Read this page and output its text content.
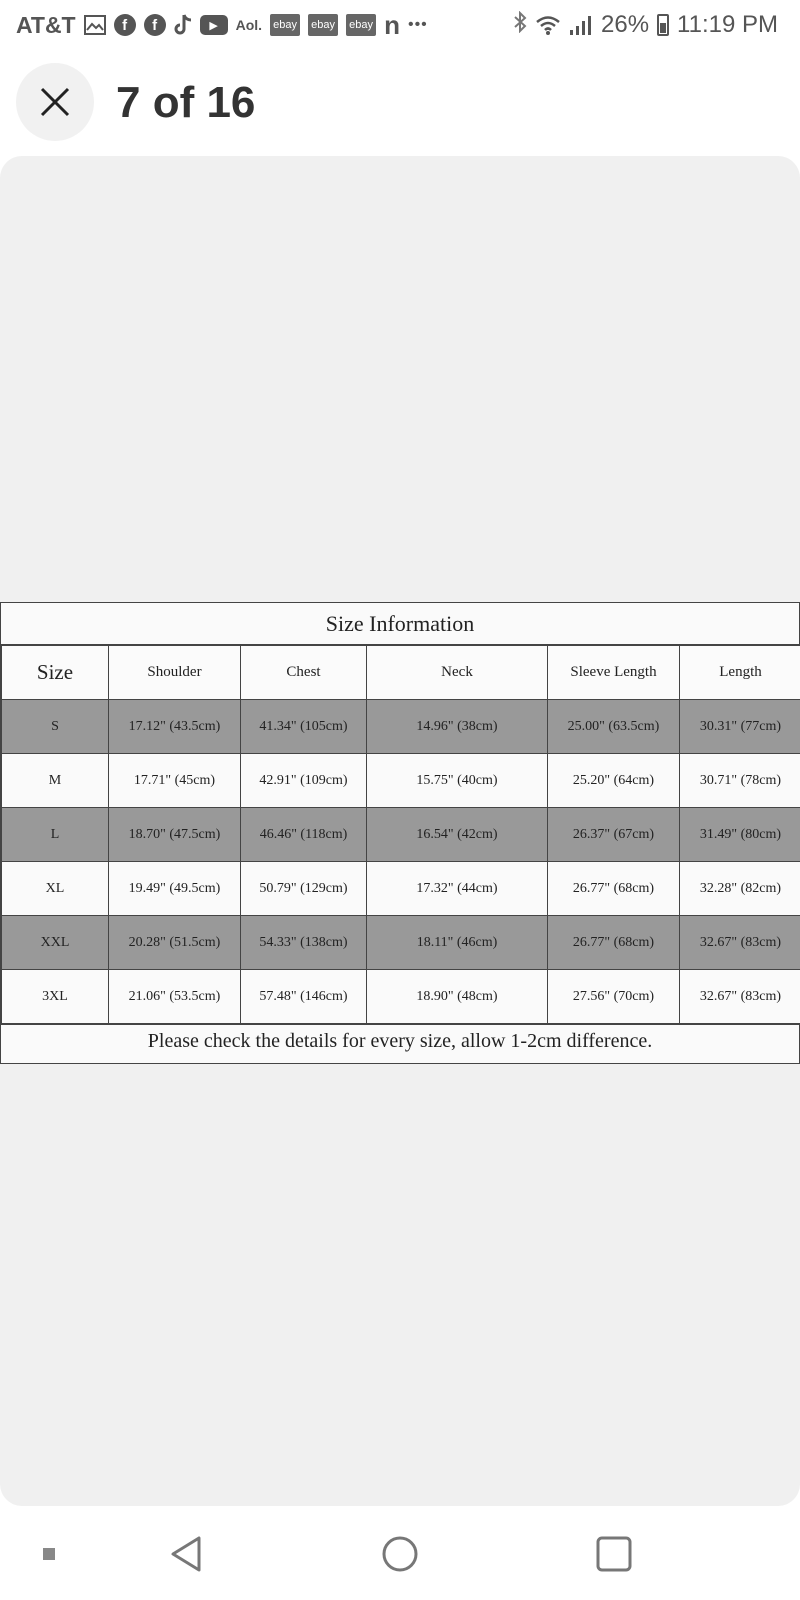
AT&T	f	f	▶	Aol. ebay ebay ebay n •••	26% 11:19 PM
7 of 16
Size Information
Size	Shoulder	Chest	Neck	Sleeve Length	Length
S	17.12" (43.5cm)	41.34" (105cm)	14.96" (38cm)	25.00" (63.5cm)	30.31" (77cm)
M	17.71" (45cm)	42.91" (109cm)	15.75" (40cm)	25.20" (64cm)	30.71" (78cm)
L	18.70" (47.5cm)	46.46" (118cm)	16.54" (42cm)	26.37" (67cm)	31.49" (80cm)
XL	19.49" (49.5cm)	50.79" (129cm)	17.32" (44cm)	26.77" (68cm)	32.28" (82cm)
XXL	20.28" (51.5cm)	54.33" (138cm)	18.11" (46cm)	26.77" (68cm)	32.67" (83cm)
3XL	21.06" (53.5cm)	57.48" (146cm)	18.90" (48cm)	27.56" (70cm)	32.67" (83cm)
Please check the details for every size, allow 1-2cm difference.
